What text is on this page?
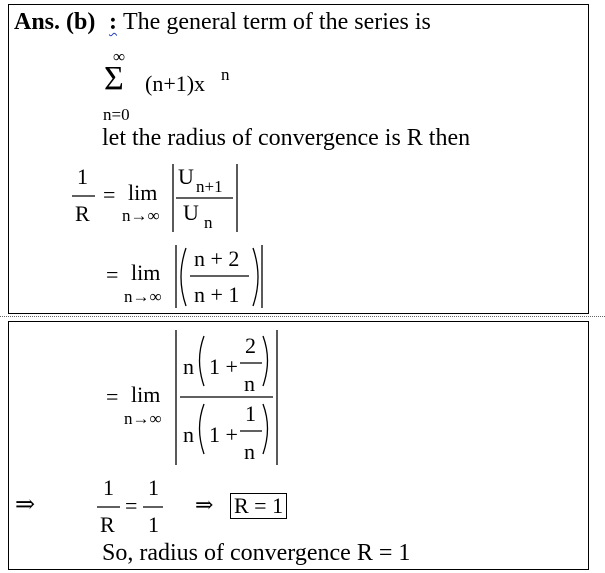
Ans. (b) : The general term of the series is
∞
Σ (n+1)x n
n=0
let the radius of convergence is R then
1
R
= lim
n→∞
U n+1
U n
= lim
n→∞
n + 2
n + 1
= lim
n→∞
n 1 +
2
n
n 1 +
1
n
⇒
1
R
=
1
1
⇒ R = 1
So, radius of convergence R = 1
